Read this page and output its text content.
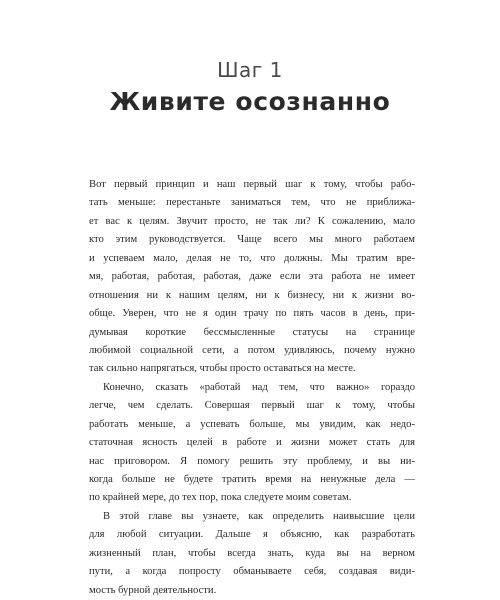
Шаг 1
Живите осознанно
Вот первый принцип и наш первый шаг к тому, чтобы рабо-
тать меньше: перестаньте заниматься тем, что не приближа-
ет вас к целям. Звучит просто, не так ли? К сожалению, мало
кто этим руководствуется. Чаще всего мы много работаем
и успеваем мало, делая не то, что должны. Мы тратим вре-
мя, работая, работая, работая, даже если эта работа не имеет
отношения ни к нашим целям, ни к бизнесу, ни к жизни во-
обще. Уверен, что не я один трачу по пять часов в день, при-
думывая короткие бессмысленные статусы на странице
любимой социальной сети, а потом удивляюсь, почему нужно
так сильно напрягаться, чтобы просто оставаться на месте.
Конечно, сказать «работай над тем, что важно» гораздо
легче, чем сделать. Совершая первый шаг к тому, чтобы
работать меньше, а успевать больше, мы увидим, как недо-
статочная ясность целей в работе и жизни может стать для
нас приговором. Я помогу решить эту проблему, и вы ни-
когда больше не будете тратить время на ненужные дела —
по крайней мере, до тех пор, пока следуете моим советам.
В этой главе вы узнаете, как определить наивысшие цели
для любой ситуации. Дальше я объясню, как разработать
жизненный план, чтобы всегда знать, куда вы на верном
пути, а когда попросту обманываете себя, создавая види-
мость бурной деятельности.
